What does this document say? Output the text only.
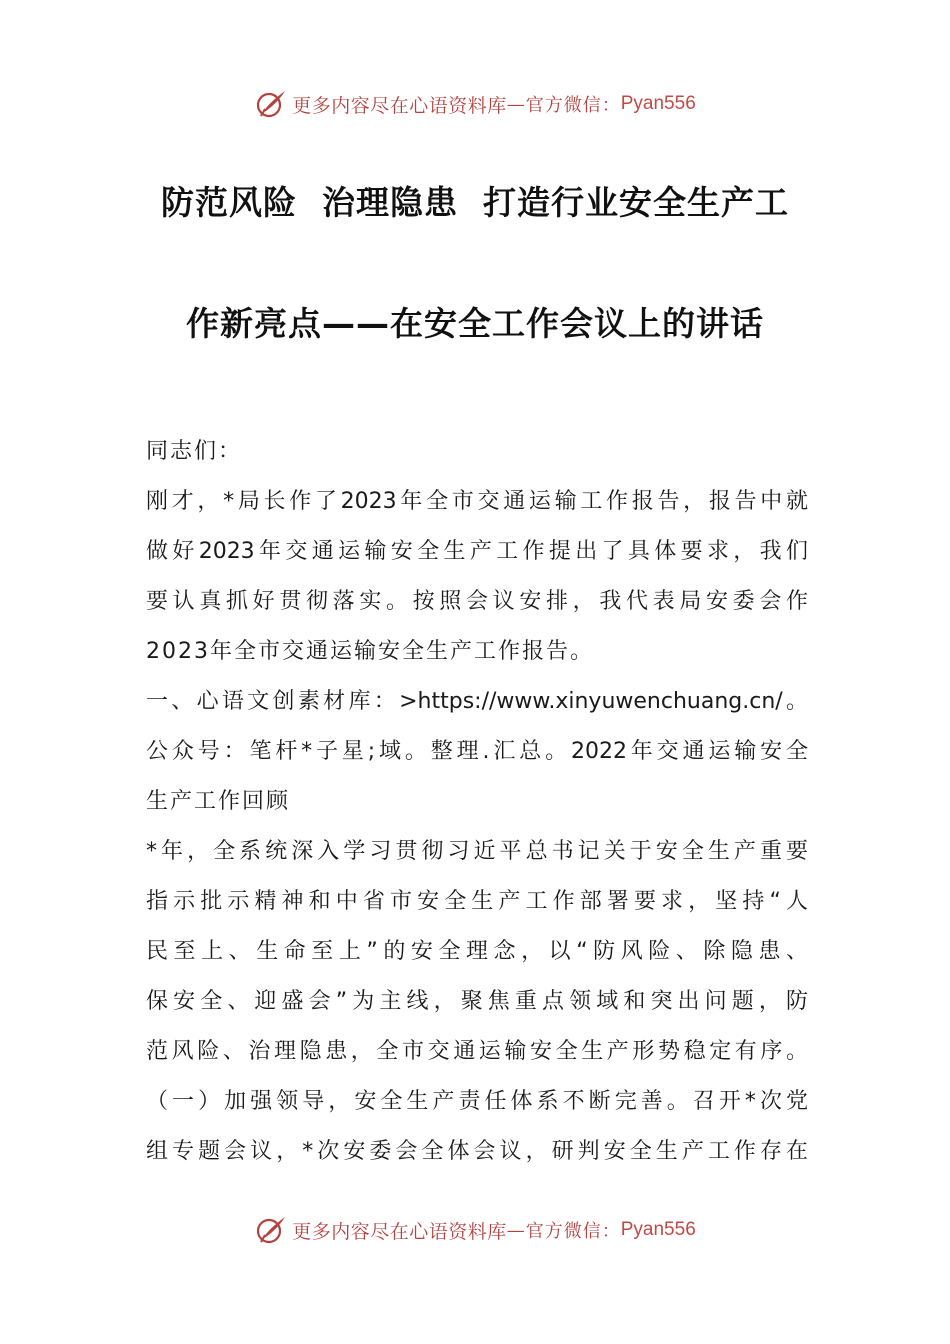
更多内容尽在心语资料库 — 官方微信： Pyan556
防范风险  治理隐患  打造行业安全生产工
作新亮点——在安全工作会议上的讲话
同志们：
刚才，*局长作了2023年全市交通运输工作报告，报告中就
做好2023年交通运输安全生产工作提出了具体要求，我们
要认真抓好贯彻落实。按照会议安排，我代表局安委会作
2023年全市交通运输安全生产工作报告。
一、心语文创素材库：>https://www.xinyuwenchuang.cn/。
公众号：笔杆*子星;域。整理.汇总。2022年交通运输安全
生产工作回顾
*年，全系统深入学习贯彻习近平总书记关于安全生产重要
指示批示精神和中省市安全生产工作部署要求，坚持“人
民至上、生命至上”的安全理念，以“防风险、除隐患、
保安全、迎盛会”为主线，聚焦重点领域和突出问题，防
范风险、治理隐患，全市交通运输安全生产形势稳定有序。
（一）加强领导，安全生产责任体系不断完善。召开*次党
组专题会议，*次安委会全体会议，研判安全生产工作存在
更多内容尽在心语资料库 — 官方微信： Pyan556
